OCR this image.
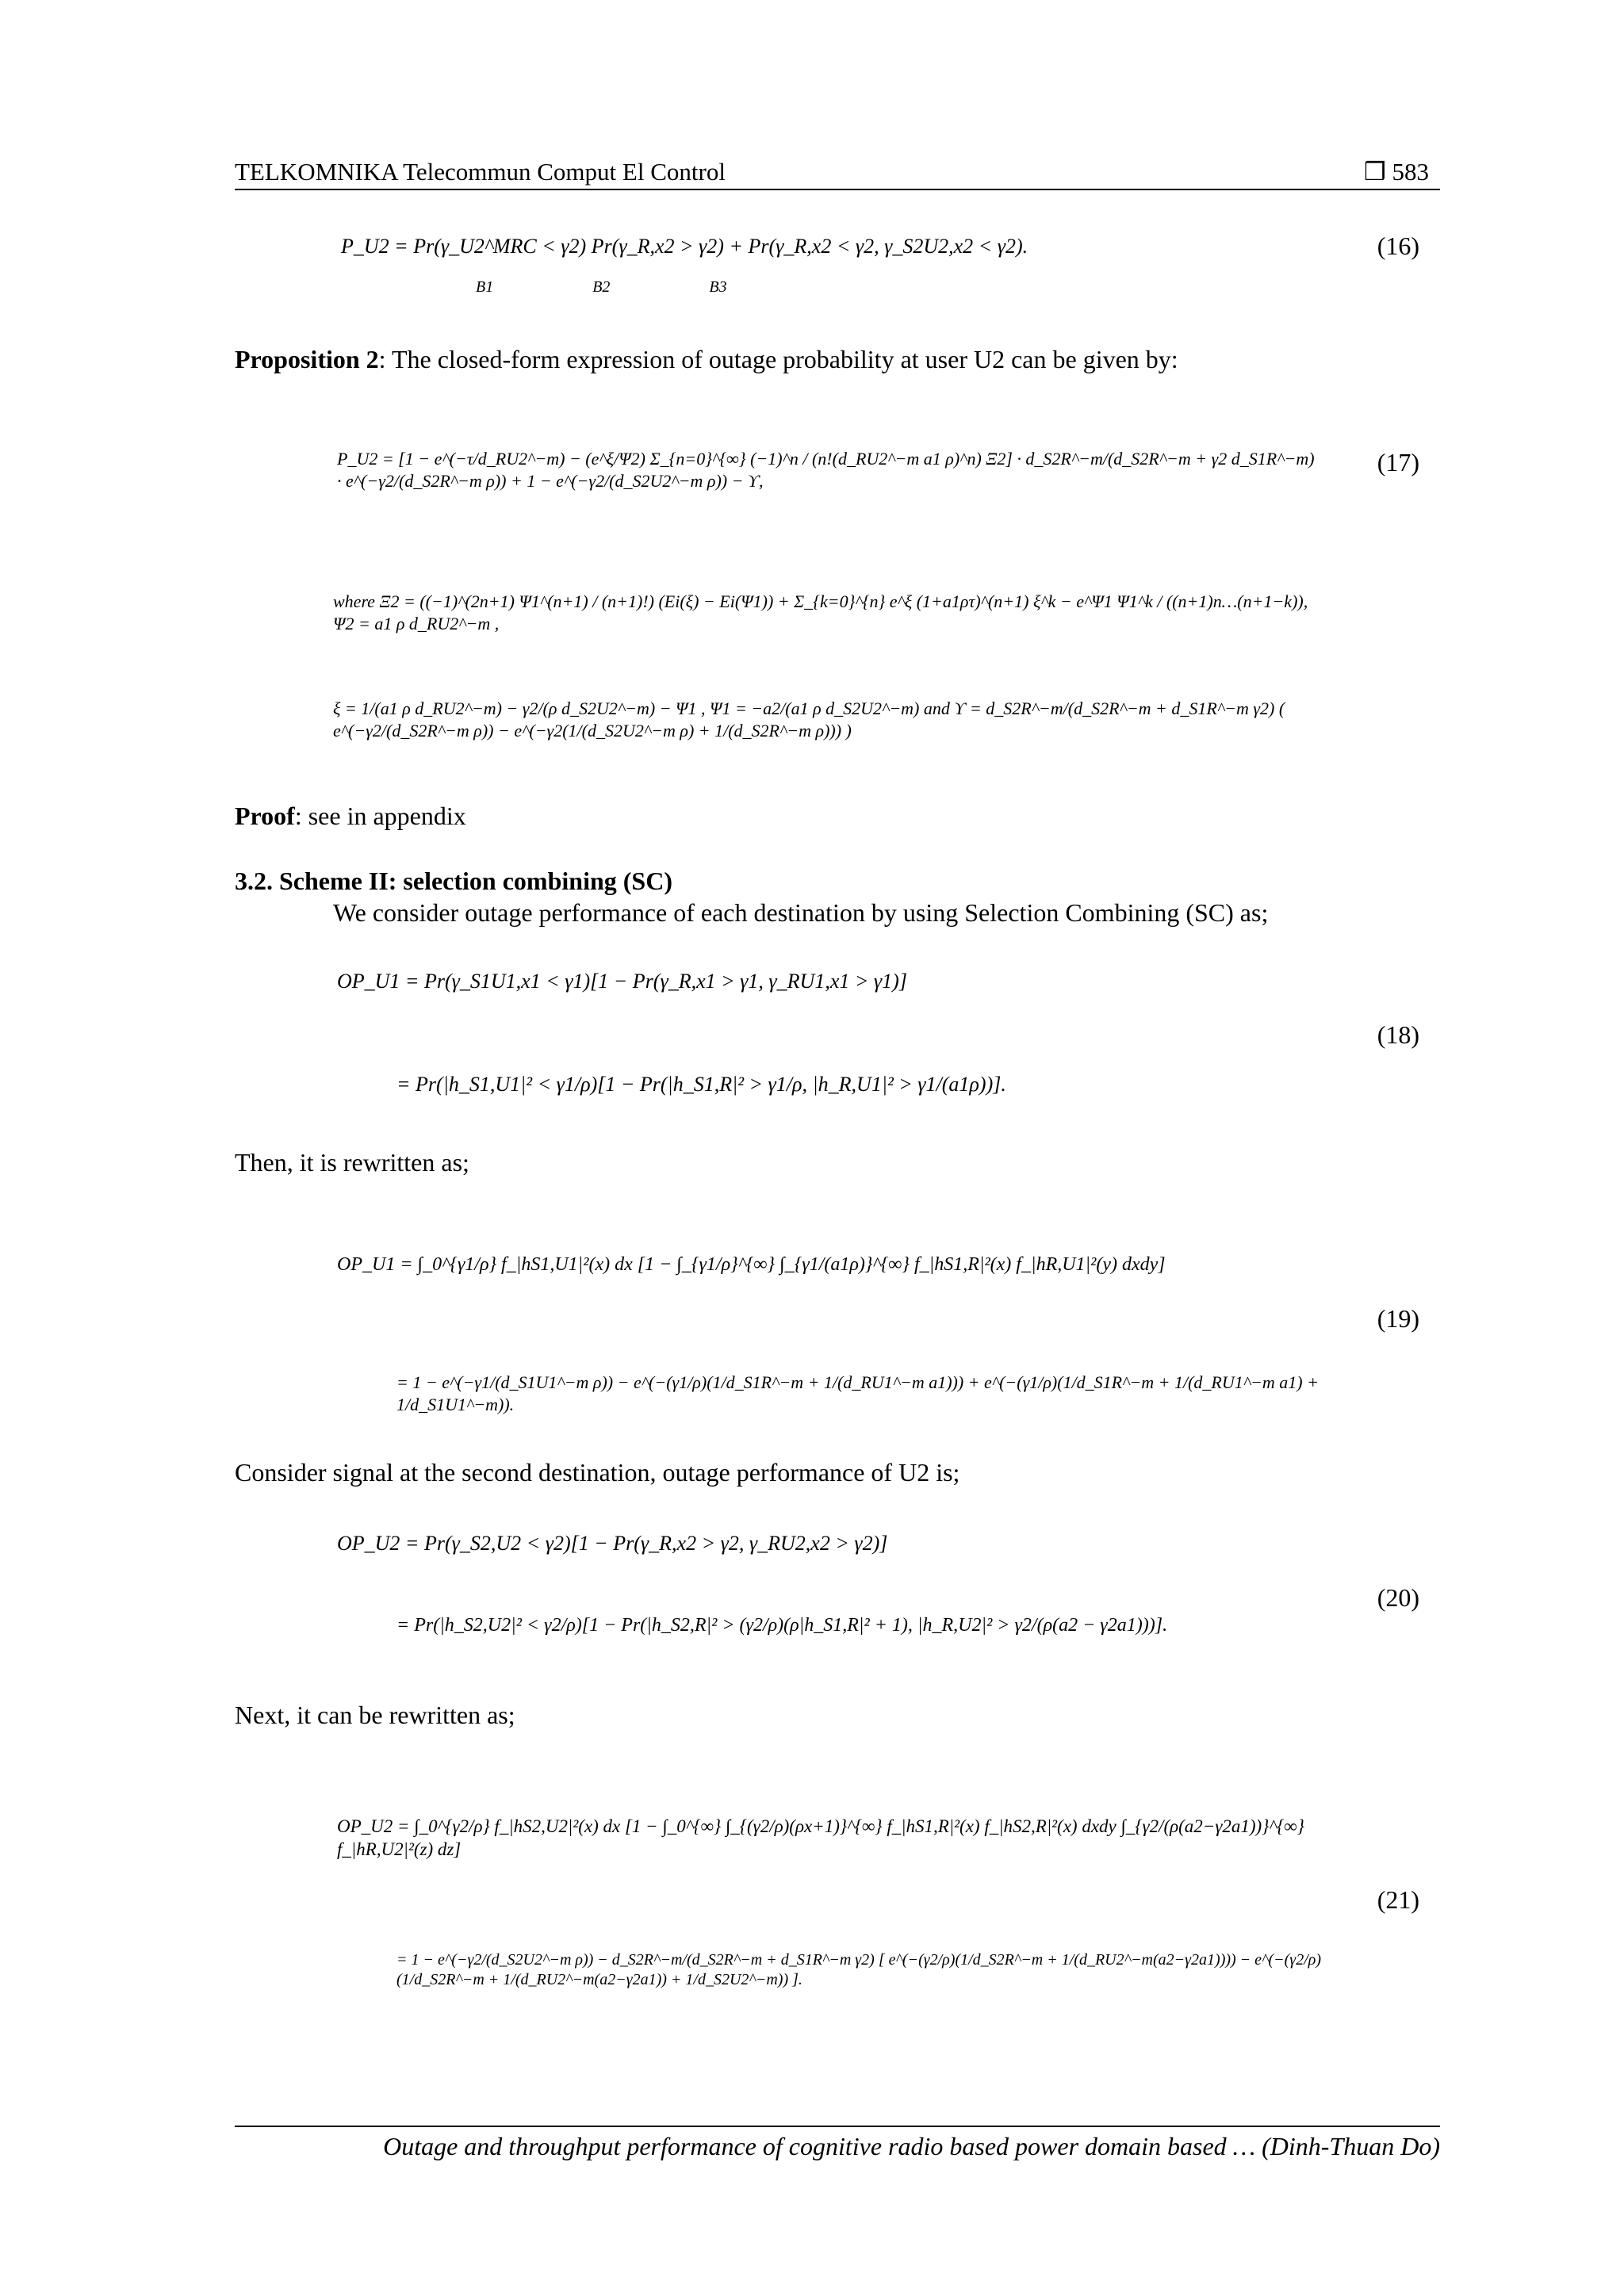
TELKOMNIKA Telecommun Comput El Control	❒ 583
P_U2 = Pr(γ_U2^MRC < γ2) Pr(γ_R,x2 > γ2) + Pr(γ_R,x2 < γ2, γ_S2U2,x2 < γ2).
B1 B2 B3
(16)
Proposition 2: The closed-form expression of outage probability at user U2 can be given by:
P_U2 = [1 − e^(−τ/d_RU2^−m) − (e^ξ/Ψ2) Σ_{n=0}^{∞} (−1)^n / (n!(d_RU2^−m a1 ρ)^n) Ξ2] · d_S2R^−m/(d_S2R^−m + γ2 d_S1R^−m) · e^(−γ2/(d_S2R^−m ρ)) + 1 − e^(−γ2/(d_S2U2^−m ρ)) − ϒ,
(17)
where Ξ2 = ((−1)^(2n+1) Ψ1^(n+1) / (n+1)!) (Ei(ξ) − Ei(Ψ1)) + Σ_{k=0}^{n} e^ξ (1+a1ρτ)^(n+1) ξ^k − e^Ψ1 Ψ1^k / ((n+1)n…(n+1−k)), Ψ2 = a1 ρ d_RU2^−m ,
ξ = 1/(a1 ρ d_RU2^−m) − γ2/(ρ d_S2U2^−m) − Ψ1 , Ψ1 = −a2/(a1 ρ d_S2U2^−m) and ϒ = d_S2R^−m/(d_S2R^−m + d_S1R^−m γ2) ( e^(−γ2/(d_S2R^−m ρ)) − e^(−γ2(1/(d_S2U2^−m ρ) + 1/(d_S2R^−m ρ))) )
Proof: see in appendix
3.2. Scheme II: selection combining (SC)
We consider outage performance of each destination by using Selection Combining (SC) as;
OP_U1 = Pr(γ_S1U1,x1 < γ1)[1 − Pr(γ_R,x1 > γ1, γ_RU1,x1 > γ1)]
= Pr(|h_S1,U1|² < γ1/ρ)[1 − Pr(|h_S1,R|² > γ1/ρ, |h_R,U1|² > γ1/(a1ρ))].
(18)
Then, it is rewritten as;
OP_U1 = ∫_0^{γ1/ρ} f_|hS1,U1|²(x) dx [1 − ∫_{γ1/ρ}^{∞} ∫_{γ1/(a1ρ)}^{∞} f_|hS1,R|²(x) f_|hR,U1|²(y) dxdy]
= 1 − e^(−γ1/(d_S1U1^−m ρ)) − e^(−(γ1/ρ)(1/d_S1R^−m + 1/(d_RU1^−m a1))) + e^(−(γ1/ρ)(1/d_S1R^−m + 1/(d_RU1^−m a1) + 1/d_S1U1^−m)).
(19)
Consider signal at the second destination, outage performance of U2 is;
OP_U2 = Pr(γ_S2,U2 < γ2)[1 − Pr(γ_R,x2 > γ2, γ_RU2,x2 > γ2)]
= Pr(|h_S2,U2|² < γ2/ρ)[1 − Pr(|h_S2,R|² > (γ2/ρ)(ρ|h_S1,R|² + 1), |h_R,U2|² > γ2/(ρ(a2 − γ2a1)))].
(20)
Next, it can be rewritten as;
OP_U2 = ∫_0^{γ2/ρ} f_|hS2,U2|²(x) dx [1 − ∫_0^{∞} ∫_{(γ2/ρ)(ρx+1)}^{∞} f_|hS1,R|²(x) f_|hS2,R|²(x) dxdy ∫_{γ2/(ρ(a2−γ2a1))}^{∞} f_|hR,U2|²(z) dz]
= 1 − e^(−γ2/(d_S2U2^−m ρ)) − d_S2R^−m/(d_S2R^−m + d_S1R^−m γ2) [ e^(−(γ2/ρ)(1/d_S2R^−m + 1/(d_RU2^−m(a2−γ2a1)))) − e^(−(γ2/ρ)(1/d_S2R^−m + 1/(d_RU2^−m(a2−γ2a1)) + 1/d_S2U2^−m)) ].
(21)
Outage and throughput performance of cognitive radio based power domain based … (Dinh-Thuan Do)
